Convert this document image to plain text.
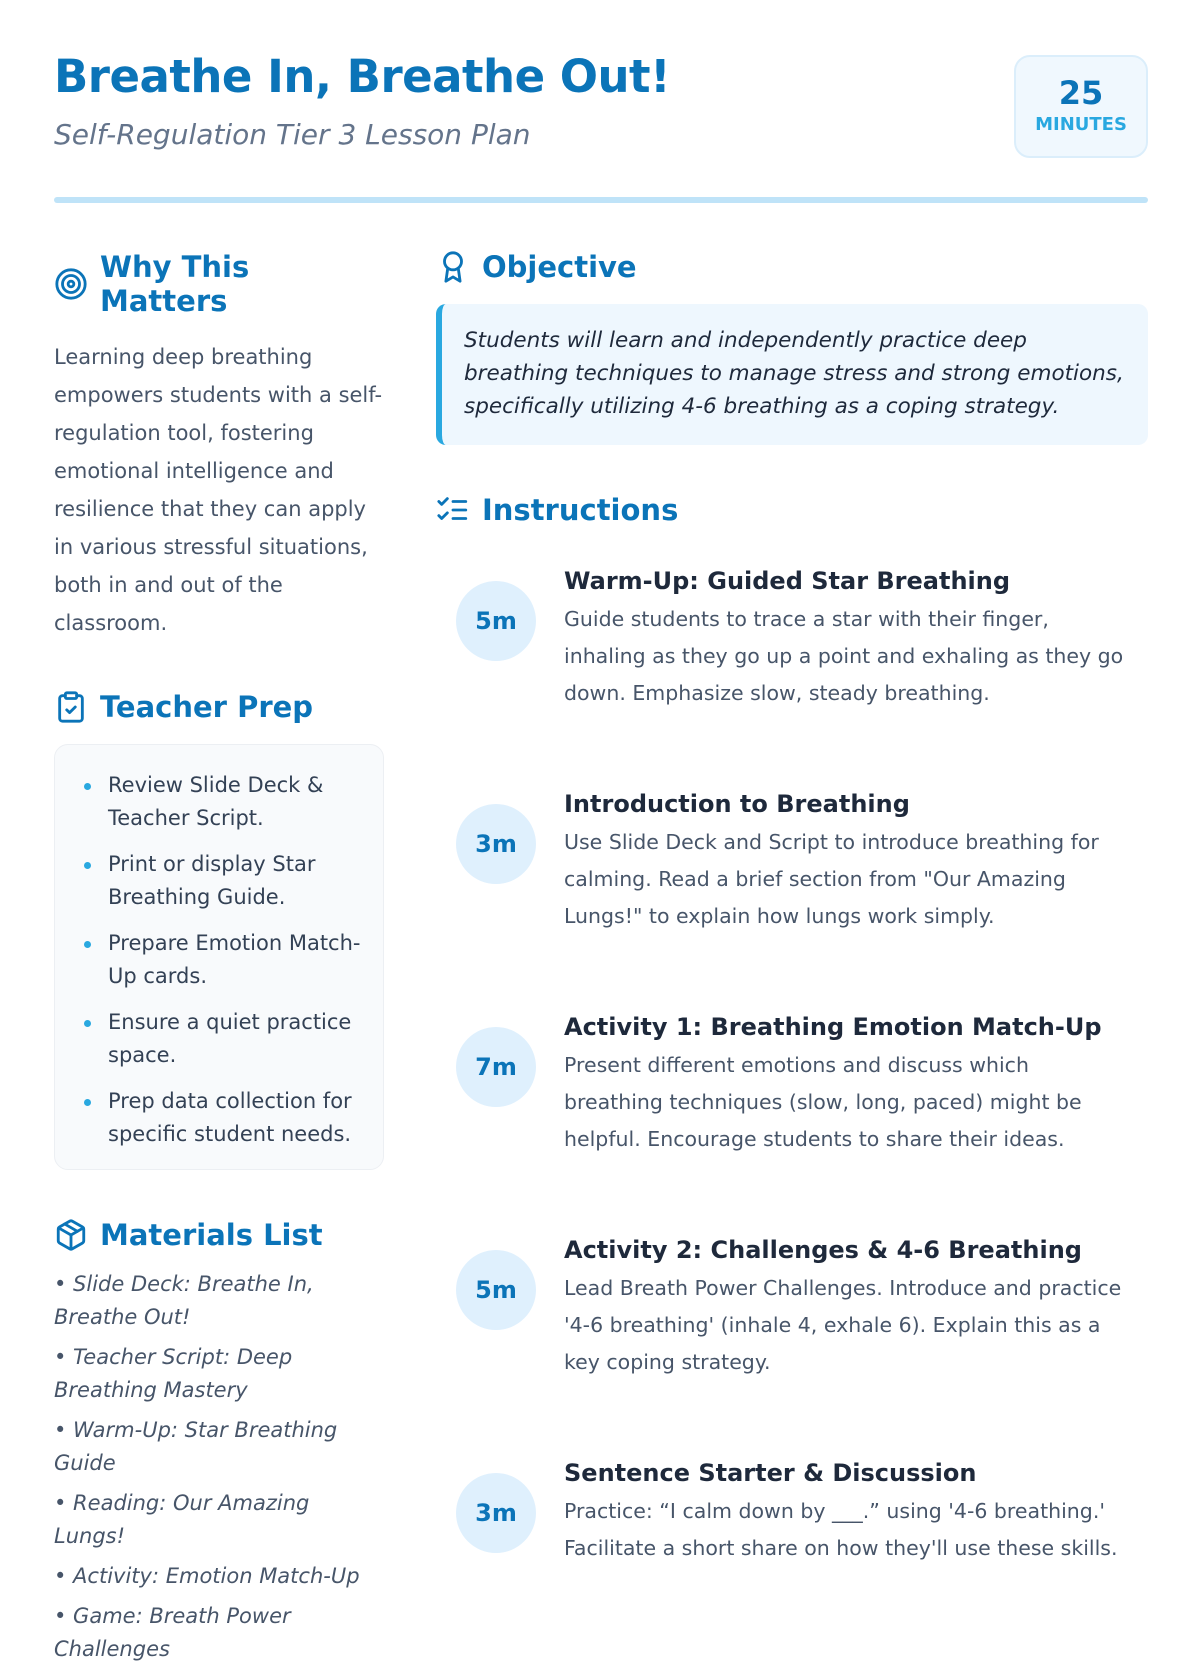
Breathe In, Breathe Out!
Self-Regulation Tier 3 Lesson Plan
25
MINUTES
Why This Matters

Learning deep breathing empowers students with a self-regulation tool, fostering emotional intelligence and resilience that they can apply in various stressful situations, both in and out of the classroom.

Teacher Prep
Review Slide Deck & Teacher Script.
Print or display Star Breathing Guide.
Prepare Emotion Match-Up cards.
Ensure a quiet practice space.
Prep data collection for specific student needs.
Materials List
• Slide Deck: Breathe In, Breathe Out!
• Teacher Script: Deep Breathing Mastery
• Warm-Up: Star Breathing Guide
• Reading: Our Amazing Lungs!
• Activity: Emotion Match-Up
• Game: Breath Power Challenges
Objective

Students will learn and independently practice deep breathing techniques to manage stress and strong emotions, specifically utilizing 4-6 breathing as a coping strategy.

Instructions
5m
Warm-Up: Guided Star Breathing

Guide students to trace a star with their finger, inhaling as they go up a point and exhaling as they go down. Emphasize slow, steady breathing.

3m
Introduction to Breathing

Use Slide Deck and Script to introduce breathing for calming. Read a brief section from "Our Amazing Lungs!" to explain how lungs work simply.

7m
Activity 1: Breathing Emotion Match-Up

Present different emotions and discuss which breathing techniques (slow, long, paced) might be helpful. Encourage students to share their ideas.

5m
Activity 2: Challenges & 4-6 Breathing

Lead Breath Power Challenges. Introduce and practice '4-6 breathing' (inhale 4, exhale 6). Explain this as a key coping strategy.

3m
Sentence Starter & Discussion

Practice: “I calm down by ___.” using '4-6 breathing.' Facilitate a short share on how they'll use these skills.
